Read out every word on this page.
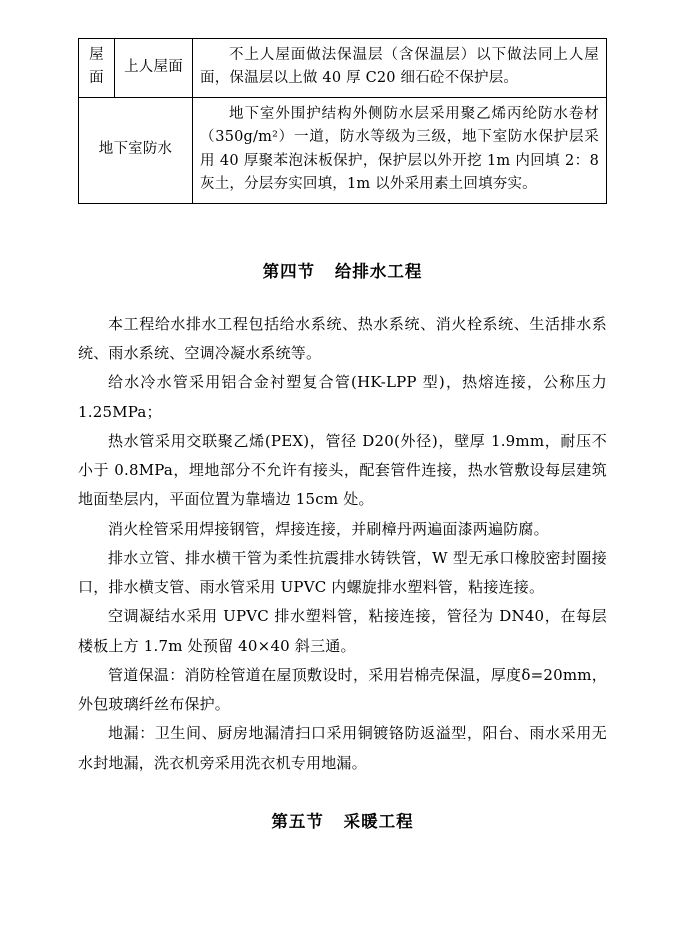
屋面	上人屋面	不上人屋面做法保温层（含保温层）以下做法同上人屋面，保温层以上做 40 厚 C20 细石砼不保护层。
地下室防水		地下室外围护结构外侧防水层采用聚乙烯丙纶防水卷材（350g/m²）一道，防水等级为三级，地下室防水保护层采用 40 厚聚苯泡沫板保护，保护层以外开挖 1m 内回填 2：8 灰土，分层夯实回填，1m 以外采用素土回填夯实。
第四节 给排水工程

本工程给水排水工程包括给水系统、热水系统、消火栓系统、生活排水系统、雨水系统、空调冷凝水系统等。

给水冷水管采用铝合金衬塑复合管(HK-LPP 型)，热熔连接，公称压力 1.25MPa；

热水管采用交联聚乙烯(PEX)，管径 D20(外径)，壁厚 1.9mm，耐压不小于 0.8MPa，埋地部分不允许有接头，配套管件连接，热水管敷设每层建筑地面垫层内，平面位置为靠墙边 15cm 处。

消火栓管采用焊接钢管，焊接连接，并刷樟丹两遍面漆两遍防腐。

排水立管、排水横干管为柔性抗震排水铸铁管，W 型无承口橡胶密封圈接口，排水横支管、雨水管采用 UPVC 内螺旋排水塑料管，粘接连接。

空调凝结水采用 UPVC 排水塑料管，粘接连接，管径为 DN40，在每层楼板上方 1.7m 处预留 40×40 斜三通。

管道保温：消防栓管道在屋顶敷设时，采用岩棉壳保温，厚度δ=20mm，外包玻璃纤丝布保护。

地漏：卫生间、厨房地漏清扫口采用铜镀铬防返溢型，阳台、雨水采用无水封地漏，洗衣机旁采用洗衣机专用地漏。

第五节 采暖工程
